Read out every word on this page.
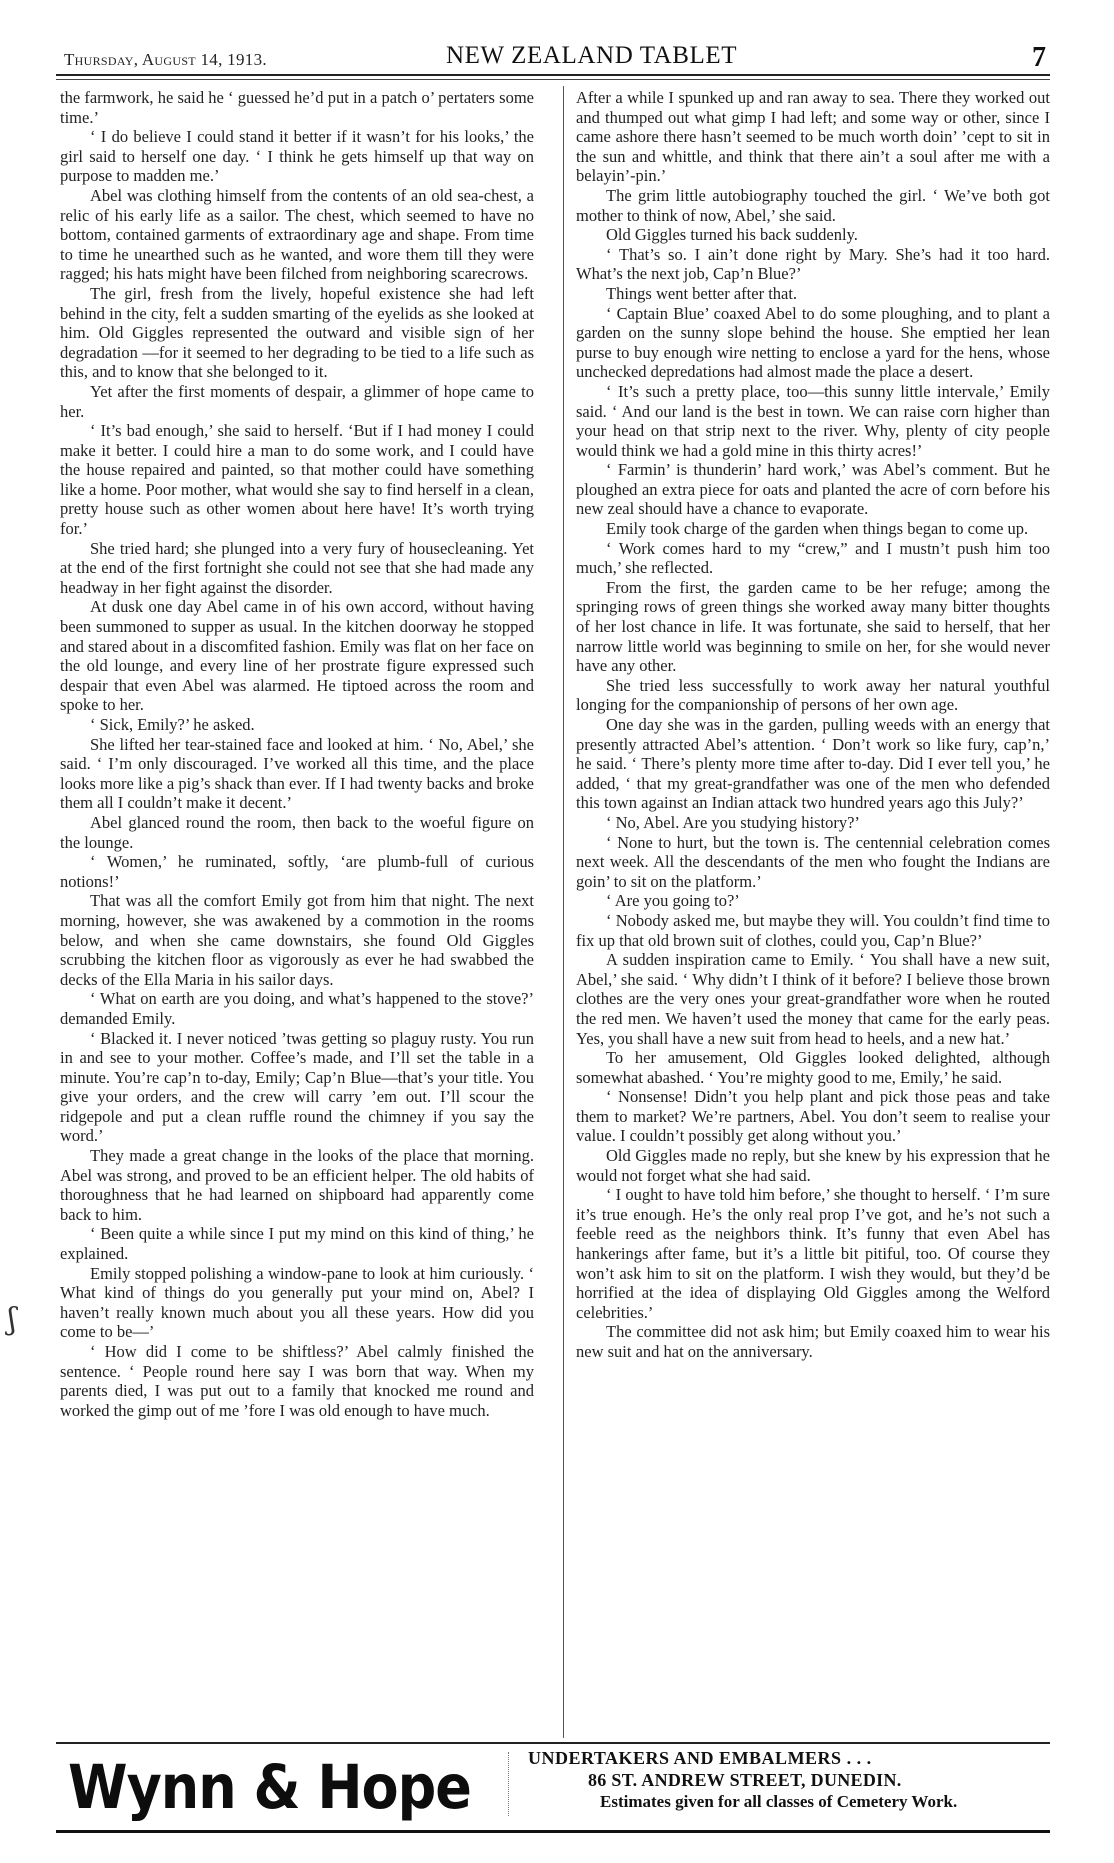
Thursday, August 14, 1913.	NEW ZEALAND TABLET	7

the farmwork, he said he ‘ guessed he’d put in a patch o’ pertaters some time.’

‘ I do believe I could stand it better if it wasn’t for his looks,’ the girl said to herself one day. ‘ I think he gets himself up that way on purpose to madden me.’

Abel was clothing himself from the contents of an old sea-chest, a relic of his early life as a sailor. The chest, which seemed to have no bottom, contained garments of extraordinary age and shape. From time to time he unearthed such as he wanted, and wore them till they were ragged; his hats might have been filched from neighboring scarecrows.

The girl, fresh from the lively, hopeful existence she had left behind in the city, felt a sudden smarting of the eyelids as she looked at him. Old Giggles represented the outward and visible sign of her degradation —for it seemed to her degrading to be tied to a life such as this, and to know that she belonged to it.

Yet after the first moments of despair, a glimmer of hope came to her.

‘ It’s bad enough,’ she said to herself. ‘But if I had money I could make it better. I could hire a man to do some work, and I could have the house repaired and painted, so that mother could have something like a home. Poor mother, what would she say to find herself in a clean, pretty house such as other women about here have! It’s worth trying for.’

She tried hard; she plunged into a very fury of housecleaning. Yet at the end of the first fortnight she could not see that she had made any headway in her fight against the disorder.

At dusk one day Abel came in of his own accord, without having been summoned to supper as usual. In the kitchen doorway he stopped and stared about in a discomfited fashion. Emily was flat on her face on the old lounge, and every line of her prostrate figure expressed such despair that even Abel was alarmed. He tiptoed across the room and spoke to her.

‘ Sick, Emily?’ he asked.

She lifted her tear-stained face and looked at him. ‘ No, Abel,’ she said. ‘ I’m only discouraged. I’ve worked all this time, and the place looks more like a pig’s shack than ever. If I had twenty backs and broke them all I couldn’t make it decent.’

Abel glanced round the room, then back to the woeful figure on the lounge.

‘ Women,’ he ruminated, softly, ‘are plumb-full of curious notions!’

That was all the comfort Emily got from him that night. The next morning, however, she was awakened by a commotion in the rooms below, and when she came downstairs, she found Old Giggles scrubbing the kitchen floor as vigorously as ever he had swabbed the decks of the Ella Maria in his sailor days.

‘ What on earth are you doing, and what’s happened to the stove?’ demanded Emily.

‘ Blacked it. I never noticed ’twas getting so plaguy rusty. You run in and see to your mother. Coffee’s made, and I’ll set the table in a minute. You’re cap’n to-day, Emily; Cap’n Blue—that’s your title. You give your orders, and the crew will carry ’em out. I’ll scour the ridgepole and put a clean ruffle round the chimney if you say the word.’

They made a great change in the looks of the place that morning. Abel was strong, and proved to be an efficient helper. The old habits of thoroughness that he had learned on shipboard had apparently come back to him.

‘ Been quite a while since I put my mind on this kind of thing,’ he explained.

Emily stopped polishing a window-pane to look at him curiously. ‘ What kind of things do you generally put your mind on, Abel? I haven’t really known much about you all these years. How did you come to be—’

‘ How did I come to be shiftless?’ Abel calmly finished the sentence. ‘ People round here say I was born that way. When my parents died, I was put out to a family that knocked me round and worked the gimp out of me ’fore I was old enough to have much.

After a while I spunked up and ran away to sea. There they worked out and thumped out what gimp I had left; and some way or other, since I came ashore there hasn’t seemed to be much worth doin’ ’cept to sit in the sun and whittle, and think that there ain’t a soul after me with a belayin’-pin.’

The grim little autobiography touched the girl. ‘ We’ve both got mother to think of now, Abel,’ she said.

Old Giggles turned his back suddenly.

‘ That’s so. I ain’t done right by Mary. She’s had it too hard. What’s the next job, Cap’n Blue?’

Things went better after that.

‘ Captain Blue’ coaxed Abel to do some ploughing, and to plant a garden on the sunny slope behind the house. She emptied her lean purse to buy enough wire netting to enclose a yard for the hens, whose unchecked depredations had almost made the place a desert.

‘ It’s such a pretty place, too—this sunny little intervale,’ Emily said. ‘ And our land is the best in town. We can raise corn higher than your head on that strip next to the river. Why, plenty of city people would think we had a gold mine in this thirty acres!’

‘ Farmin’ is thunderin’ hard work,’ was Abel’s comment. But he ploughed an extra piece for oats and planted the acre of corn before his new zeal should have a chance to evaporate.

Emily took charge of the garden when things began to come up.

‘ Work comes hard to my “crew,” and I mustn’t push him too much,’ she reflected.

From the first, the garden came to be her refuge; among the springing rows of green things she worked away many bitter thoughts of her lost chance in life. It was fortunate, she said to herself, that her narrow little world was beginning to smile on her, for she would never have any other.

She tried less successfully to work away her natural youthful longing for the companionship of persons of her own age.

One day she was in the garden, pulling weeds with an energy that presently attracted Abel’s attention. ‘ Don’t work so like fury, cap’n,’ he said. ‘ There’s plenty more time after to-day. Did I ever tell you,’ he added, ‘ that my great-grandfather was one of the men who defended this town against an Indian attack two hundred years ago this July?’

‘ No, Abel. Are you studying history?’

‘ None to hurt, but the town is. The centennial celebration comes next week. All the descendants of the men who fought the Indians are goin’ to sit on the platform.’

‘ Are you going to?’

‘ Nobody asked me, but maybe they will. You couldn’t find time to fix up that old brown suit of clothes, could you, Cap’n Blue?’

A sudden inspiration came to Emily. ‘ You shall have a new suit, Abel,’ she said. ‘ Why didn’t I think of it before? I believe those brown clothes are the very ones your great-grandfather wore when he routed the red men. We haven’t used the money that came for the early peas. Yes, you shall have a new suit from head to heels, and a new hat.’

To her amusement, Old Giggles looked delighted, although somewhat abashed. ‘ You’re mighty good to me, Emily,’ he said.

‘ Nonsense! Didn’t you help plant and pick those peas and take them to market? We’re partners, Abel. You don’t seem to realise your value. I couldn’t possibly get along without you.’

Old Giggles made no reply, but she knew by his expression that he would not forget what she had said.

‘ I ought to have told him before,’ she thought to herself. ‘ I’m sure it’s true enough. He’s the only real prop I’ve got, and he’s not such a feeble reed as the neighbors think. It’s funny that even Abel has hankerings after fame, but it’s a little bit pitiful, too. Of course they won’t ask him to sit on the platform. I wish they would, but they’d be horrified at the idea of displaying Old Giggles among the Welford celebrities.’

The committee did not ask him; but Emily coaxed him to wear his new suit and hat on the anniversary.

Wynn & Hope	UNDERTAKERS AND EMBALMERS . . .
86 ST. ANDREW STREET, DUNEDIN.
Estimates given for all classes of Cemetery Work.
ʃ
